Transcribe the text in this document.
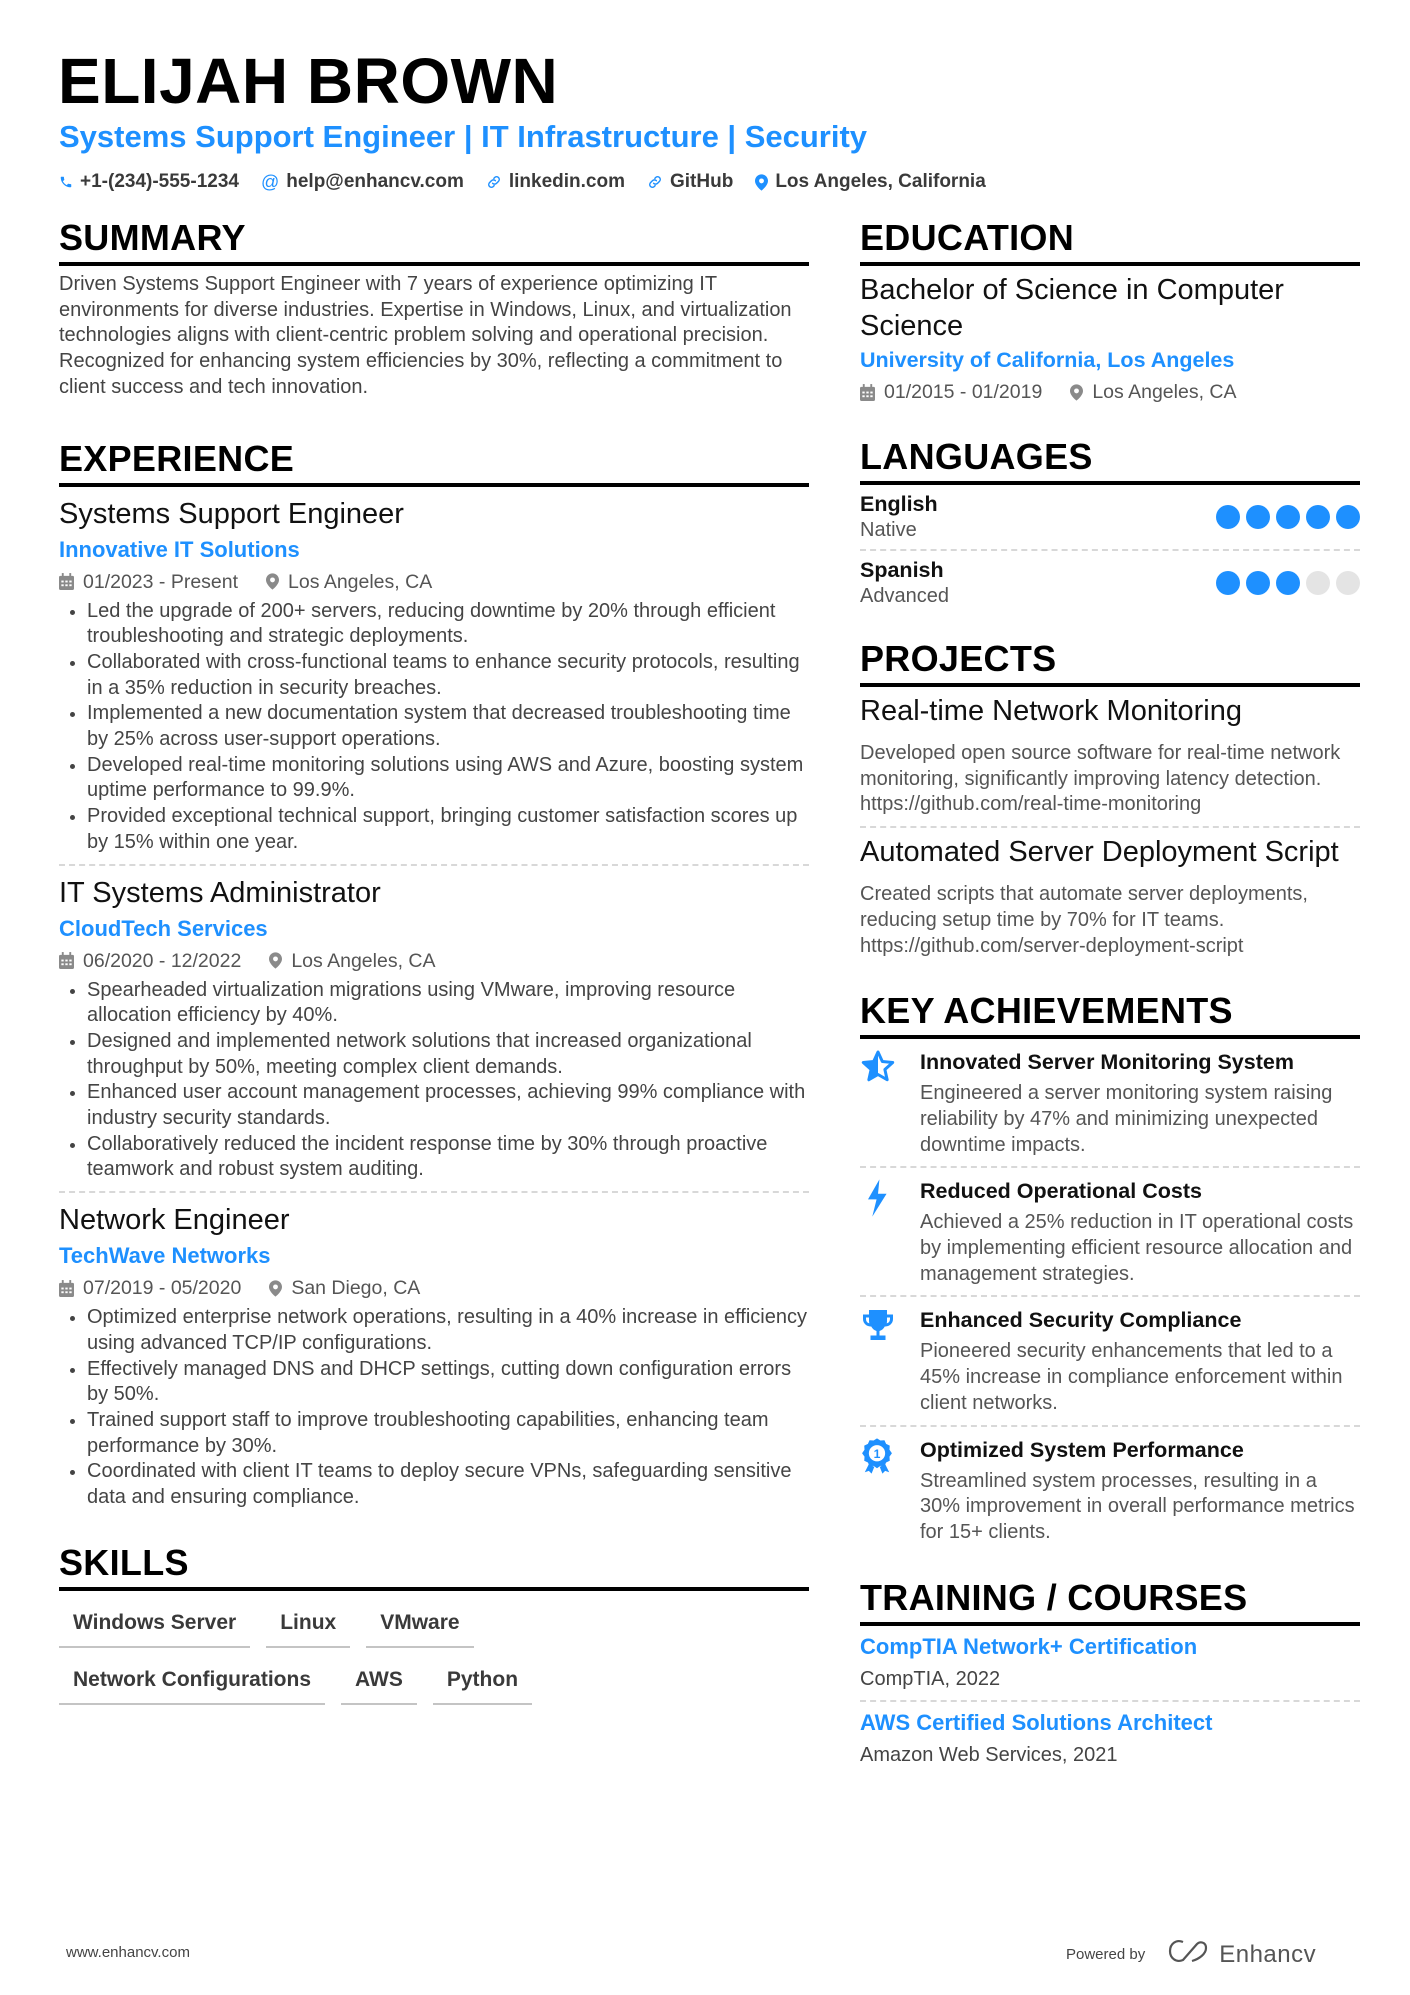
ELIJAH BROWN
Systems Support Engineer | IT Infrastructure | Security
+1-(234)-555-1234 @ help@enhancv.com linkedin.com GitHub Los Angeles, California
SUMMARY
Driven Systems Support Engineer with 7 years of experience optimizing IT environments for diverse industries. Expertise in Windows, Linux, and virtualization technologies aligns with client-centric problem solving and operational precision. Recognized for enhancing system efficiencies by 30%, reflecting a commitment to client success and tech innovation.
EXPERIENCE
Systems Support Engineer
Innovative IT Solutions
01/2023 - Present	Los Angeles, CA
Led the upgrade of 200+ servers, reducing downtime by 20% through efficient troubleshooting and strategic deployments.
Collaborated with cross-functional teams to enhance security protocols, resulting in a 35% reduction in security breaches.
Implemented a new documentation system that decreased troubleshooting time by 25% across user-support operations.
Developed real-time monitoring solutions using AWS and Azure, boosting system uptime performance to 99.9%.
Provided exceptional technical support, bringing customer satisfaction scores up by 15% within one year.
IT Systems Administrator
CloudTech Services
06/2020 - 12/2022	Los Angeles, CA
Spearheaded virtualization migrations using VMware, improving resource allocation efficiency by 40%.
Designed and implemented network solutions that increased organizational throughput by 50%, meeting complex client demands.
Enhanced user account management processes, achieving 99% compliance with industry security standards.
Collaboratively reduced the incident response time by 30% through proactive teamwork and robust system auditing.
Network Engineer
TechWave Networks
07/2019 - 05/2020	San Diego, CA
Optimized enterprise network operations, resulting in a 40% increase in efficiency using advanced TCP/IP configurations.
Effectively managed DNS and DHCP settings, cutting down configuration errors by 50%.
Trained support staff to improve troubleshooting capabilities, enhancing team performance by 30%.
Coordinated with client IT teams to deploy secure VPNs, safeguarding sensitive data and ensuring compliance.
SKILLS
Windows Server	Linux	VMware
Network Configurations	AWS	Python
EDUCATION
Bachelor of Science in Computer Science
University of California, Los Angeles
01/2015 - 01/2019	Los Angeles, CA
LANGUAGES
English
Native
Spanish
Advanced
PROJECTS
Real-time Network Monitoring
Developed open source software for real-time network monitoring, significantly improving latency detection. https://github.com/real-time-monitoring
Automated Server Deployment Script
Created scripts that automate server deployments, reducing setup time by 70% for IT teams. https://github.com/server-deployment-script
KEY ACHIEVEMENTS
Innovated Server Monitoring System
Engineered a server monitoring system raising reliability by 47% and minimizing unexpected downtime impacts.
Reduced Operational Costs
Achieved a 25% reduction in IT operational costs by implementing efficient resource allocation and management strategies.
Enhanced Security Compliance
Pioneered security enhancements that led to a 45% increase in compliance enforcement within client networks.
1 Optimized System Performance
Streamlined system processes, resulting in a 30% improvement in overall performance metrics for 15+ clients.
TRAINING / COURSES
CompTIA Network+ Certification
CompTIA, 2022
AWS Certified Solutions Architect
Amazon Web Services, 2021
www.enhancv.com	Powered by	Enhancv
